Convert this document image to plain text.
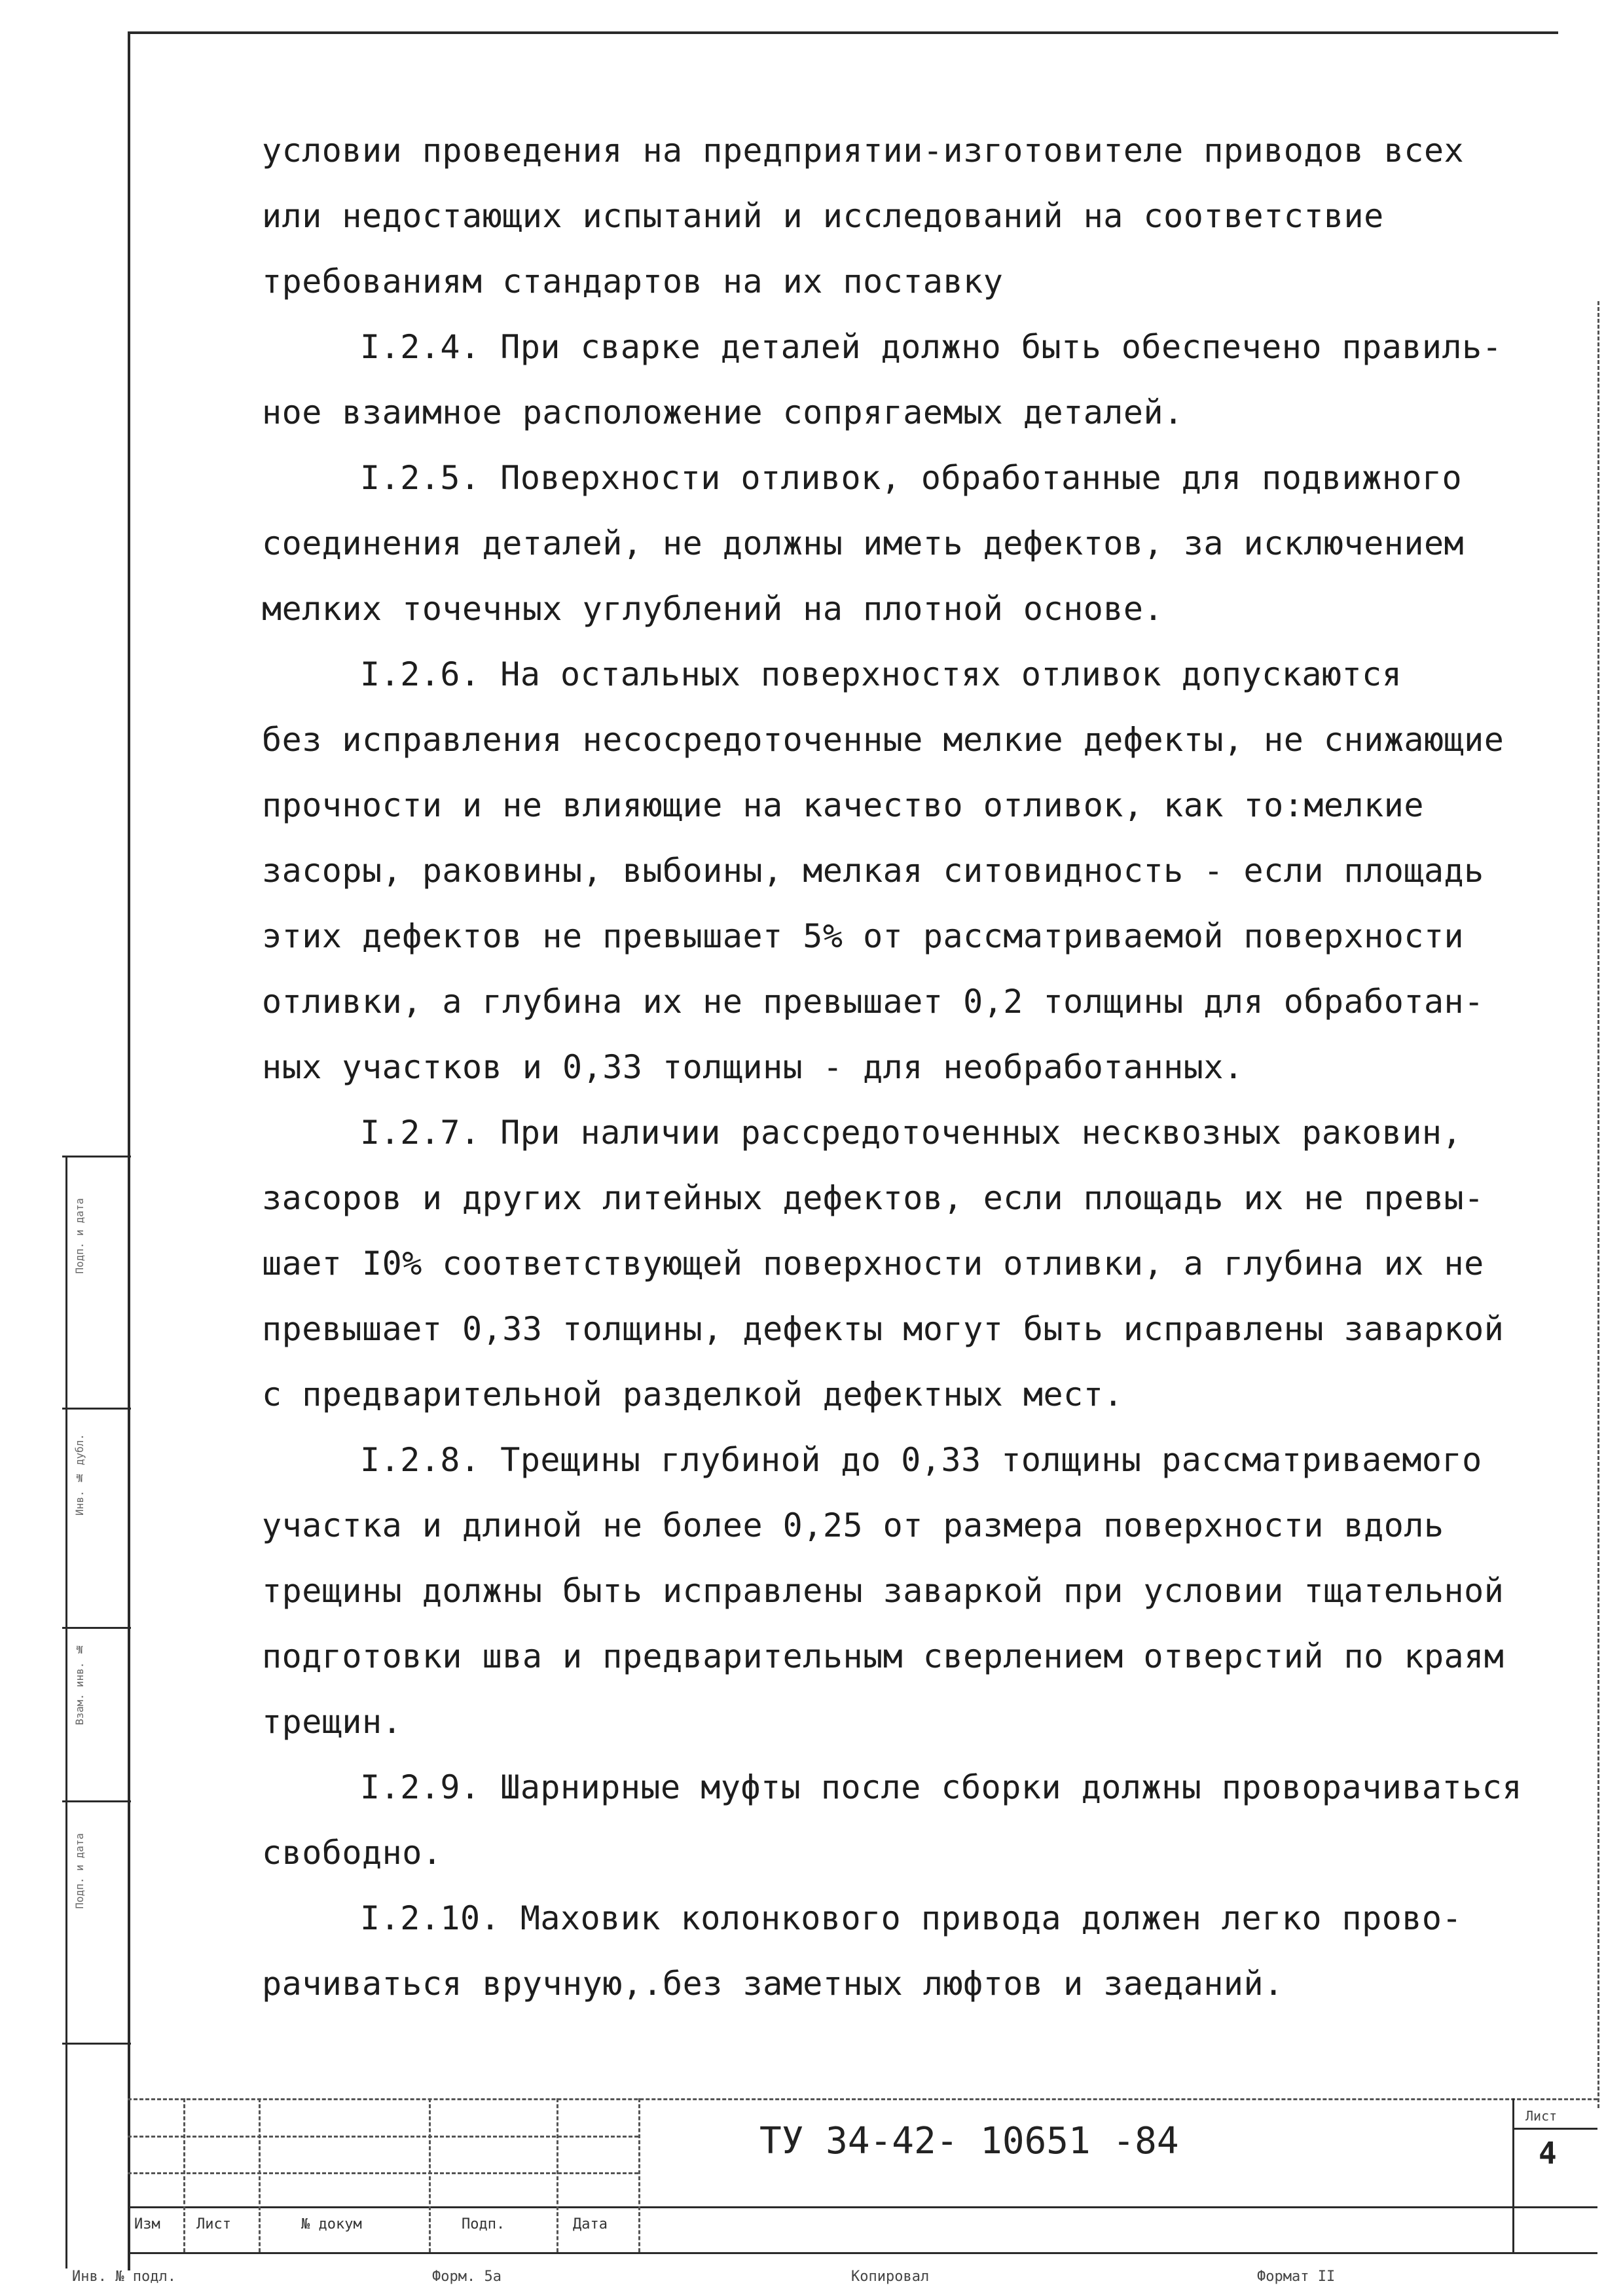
Подп. и дата
Инв. № дубл.
Взам. инв. №
Подп. и дата
условии проведения на предприятии-изготовителе приводов всех
или недостающих испытаний и исследований на соответствие
требованиям стандартов на их поставку
I.2.4. При сварке деталей должно быть обеспечено правиль-
ное взаимное расположение сопрягаемых деталей.
I.2.5. Поверхности отливок, обработанные для подвижного
соединения деталей, не должны иметь дефектов, за исключением
мелких точечных углублений на плотной основе.
I.2.6. На остальных поверхностях отливок допускаются
без исправления несосредоточенные мелкие дефекты, не снижающие
прочности и не влияющие на качество отливок, как то:мелкие
засоры, раковины, выбоины, мелкая ситовидность - если площадь
этих дефектов не превышает 5% от рассматриваемой поверхности
отливки, а глубина их не превышает 0,2 толщины для обработан-
ных участков и 0,33 толщины - для необработанных.
I.2.7. При наличии рассредоточенных несквозных раковин,
засоров и других литейных дефектов, если площадь их не превы-
шает I0% соответствующей поверхности отливки, а глубина их не
превышает 0,33 толщины, дефекты могут быть исправлены заваркой
с предварительной разделкой дефектных мест.
I.2.8. Трещины глубиной до 0,33 толщины рассматриваемого
участка и длиной не более 0,25 от размера поверхности вдоль
трещины должны быть исправлены заваркой при условии тщательной
подготовки шва и предварительным сверлением отверстий по краям
трещин.
I.2.9. Шарнирные муфты после сборки должны проворачиваться
свободно.
I.2.10. Маховик колонкового привода должен легко прово-
рачиваться вручную,.без заметных люфтов и заеданий.
Изм	Лист	№ докум	Подп.	Дата
ТУ 34-42- 10651 -84
Лист
4
Инв. № подл.	Форм. 5а	Копировал	Формат II
